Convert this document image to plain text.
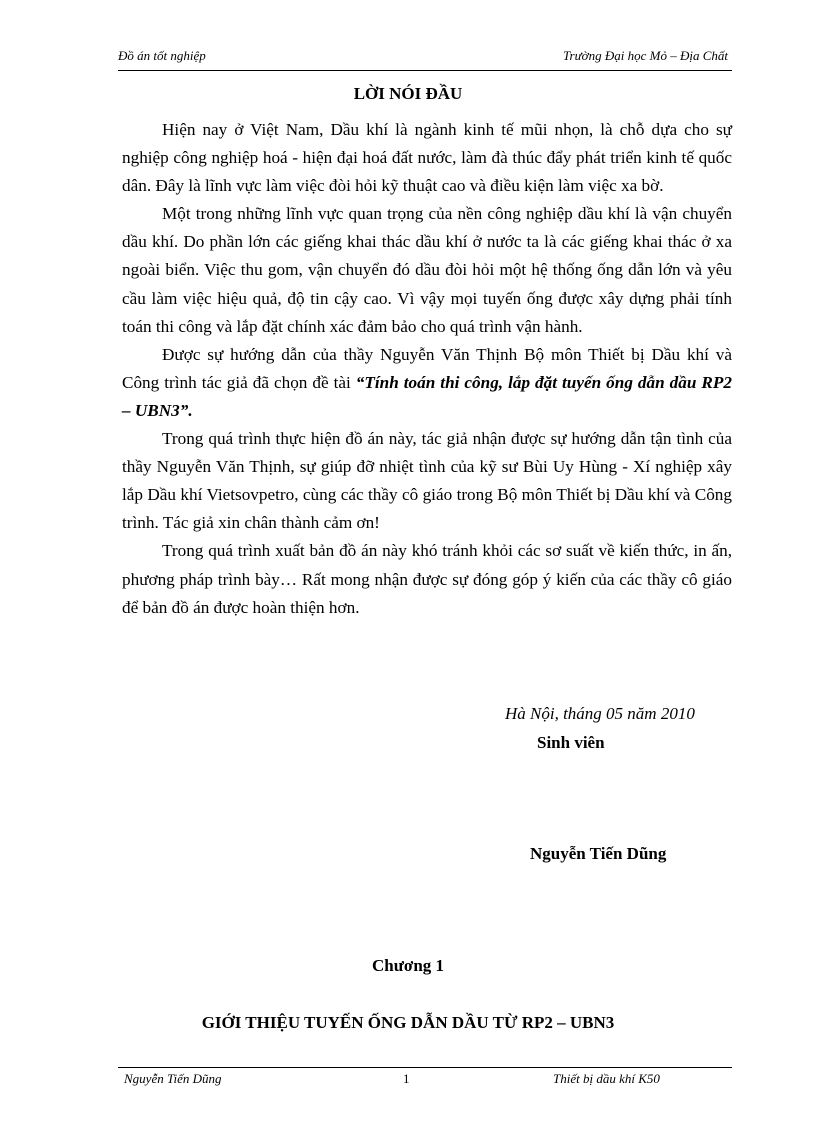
Đồ án tốt nghiệp	Trường Đại học Mỏ – Địa Chất
LỜI NÓI ĐẦU

Hiện nay ở Việt Nam, Dầu khí là ngành kinh tế mũi nhọn, là chỗ dựa cho sự nghiệp công nghiệp hoá - hiện đại hoá đất nước, làm đà thúc đẩy phát triển kinh tế quốc dân. Đây là lĩnh vực làm việc đòi hỏi kỹ thuật cao và điều kiện làm việc xa bờ.

Một trong những lĩnh vực quan trọng của nền công nghiệp dầu khí là vận chuyển dầu khí. Do phần lớn các giếng khai thác dầu khí ở nước ta là các giếng khai thác ở xa ngoài biển. Việc thu gom, vận chuyển đó dầu đòi hỏi một hệ thống ống dẫn lớn và yêu cầu làm việc hiệu quả, độ tin cậy cao. Vì vậy mọi tuyến ống được xây dựng phải tính toán thi công và lắp đặt chính xác đảm bảo cho quá trình vận hành.

Được sự hướng dẫn của thầy Nguyễn Văn Thịnh Bộ môn Thiết bị Dầu khí và Công trình tác giả đã chọn đề tài “Tính toán thi công, lắp đặt tuyến ống dẫn dầu RP2 – UBN3”.

Trong quá trình thực hiện đồ án này, tác giả nhận được sự hướng dẫn tận tình của thầy Nguyễn Văn Thịnh, sự giúp đỡ nhiệt tình của kỹ sư Bùi Uy Hùng - Xí nghiệp xây lắp Dầu khí Vietsovpetro, cùng các thầy cô giáo trong Bộ môn Thiết bị Dầu khí và Công trình. Tác giả xin chân thành cảm ơn!

Trong quá trình xuất bản đồ án này khó tránh khỏi các sơ suất về kiến thức, in ấn, phương pháp trình bày… Rất mong nhận được sự đóng góp ý kiến của các thầy cô giáo để bản đồ án được hoàn thiện hơn.

Hà Nội, tháng 05 năm 2010
Sinh viên
Nguyễn Tiến Dũng
Chương 1
GIỚI THIỆU TUYẾN ỐNG DẪN DẦU TỪ RP2 – UBN3
Nguyễn Tiến Dũng	1	Thiết bị dầu khí K50
